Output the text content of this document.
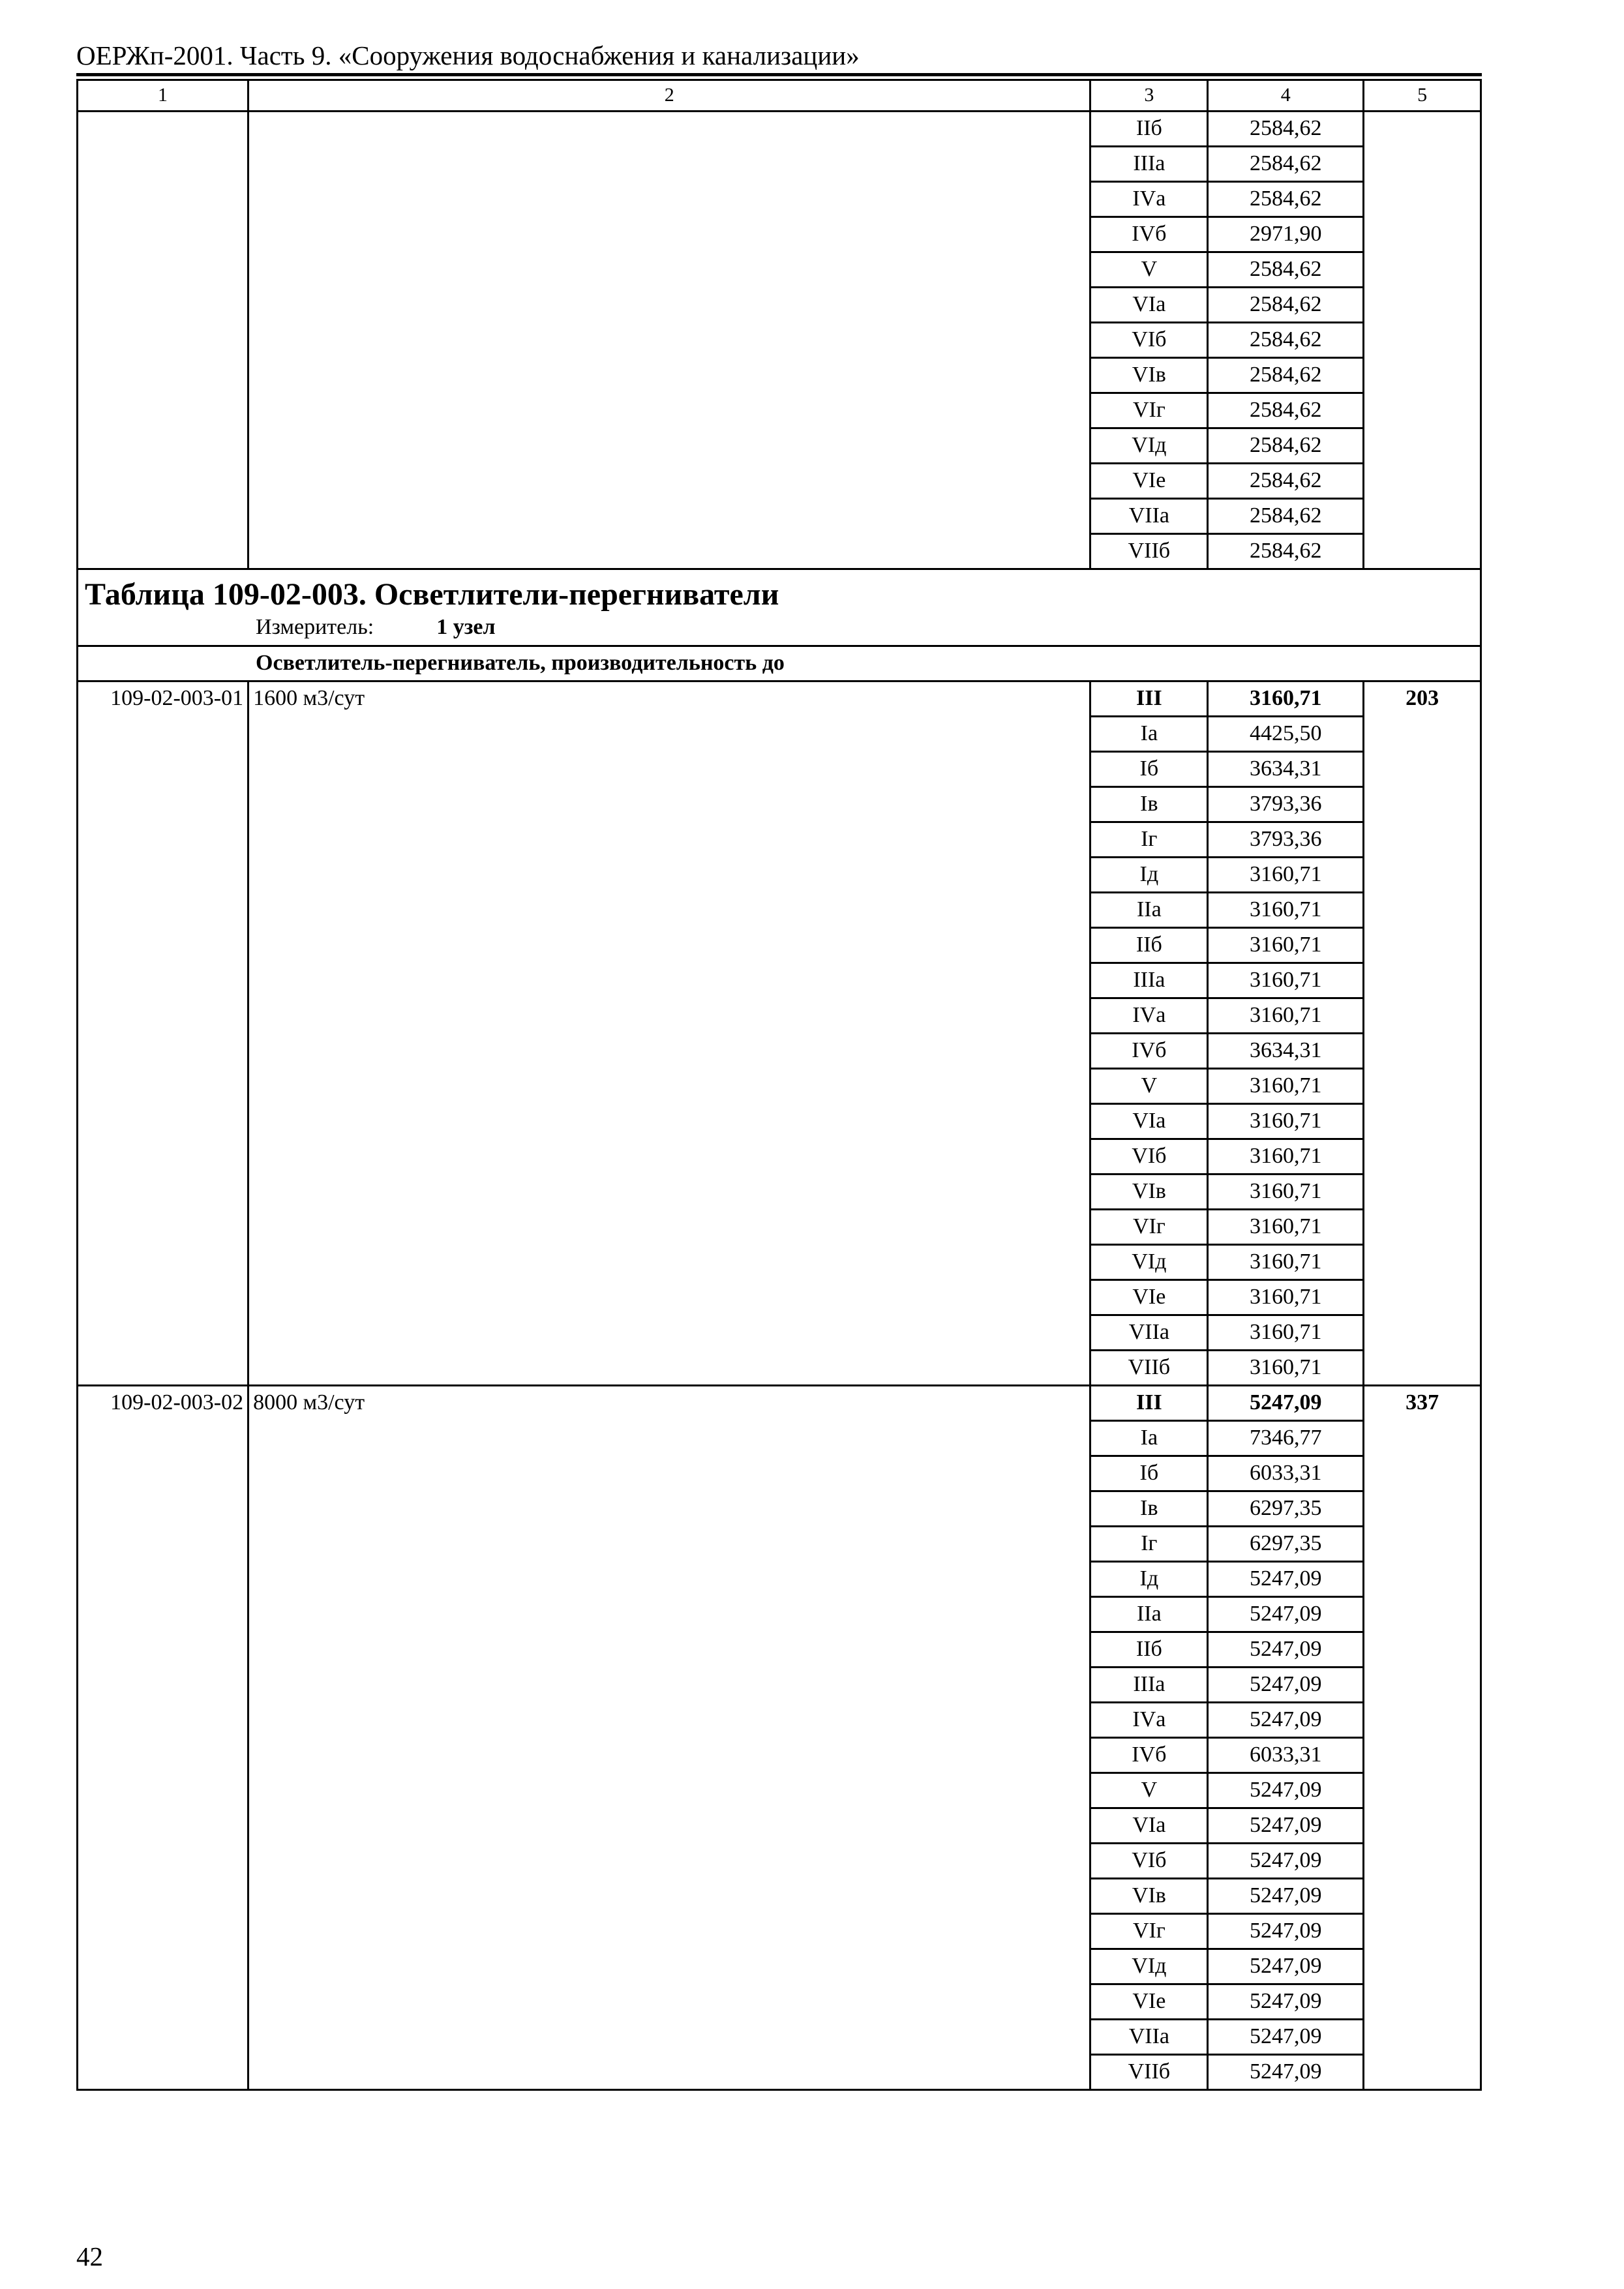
ОЕРЖп-2001. Часть 9. «Сооружения водоснабжения и канализации»
1	2	3	4	5
		IIб	2584,62	
		IIIа	2584,62	
		IVа	2584,62	
		IVб	2971,90	
		V	2584,62	
		VIа	2584,62	
		VIб	2584,62	
		VIв	2584,62	
		VIг	2584,62	
		VIд	2584,62	
		VIе	2584,62	
		VIIа	2584,62	
		VIIб	2584,62	

Таблица 109-02-003. Осветлители-перегниватели
Измеритель: 1 узел				

Осветлитель-перегниватель, производительность до				
109-02-003-01	1600 м3/сут	III	3160,71	203
		Iа	4425,50	
		Iб	3634,31	
		Iв	3793,36	
		Iг	3793,36	
		Iд	3160,71	
		IIа	3160,71	
		IIб	3160,71	
		IIIа	3160,71	
		IVа	3160,71	
		IVб	3634,31	
		V	3160,71	
		VIа	3160,71	
		VIб	3160,71	
		VIв	3160,71	
		VIг	3160,71	
		VIд	3160,71	
		VIе	3160,71	
		VIIа	3160,71	
		VIIб	3160,71	
109-02-003-02	8000 м3/сут	III	5247,09	337
		Iа	7346,77	
		Iб	6033,31	
		Iв	6297,35	
		Iг	6297,35	
		Iд	5247,09	
		IIа	5247,09	
		IIб	5247,09	
		IIIа	5247,09	
		IVа	5247,09	
		IVб	6033,31	
		V	5247,09	
		VIа	5247,09	
		VIб	5247,09	
		VIв	5247,09	
		VIг	5247,09	
		VIд	5247,09	
		VIе	5247,09	
		VIIа	5247,09	
		VIIб	5247,09	
42
